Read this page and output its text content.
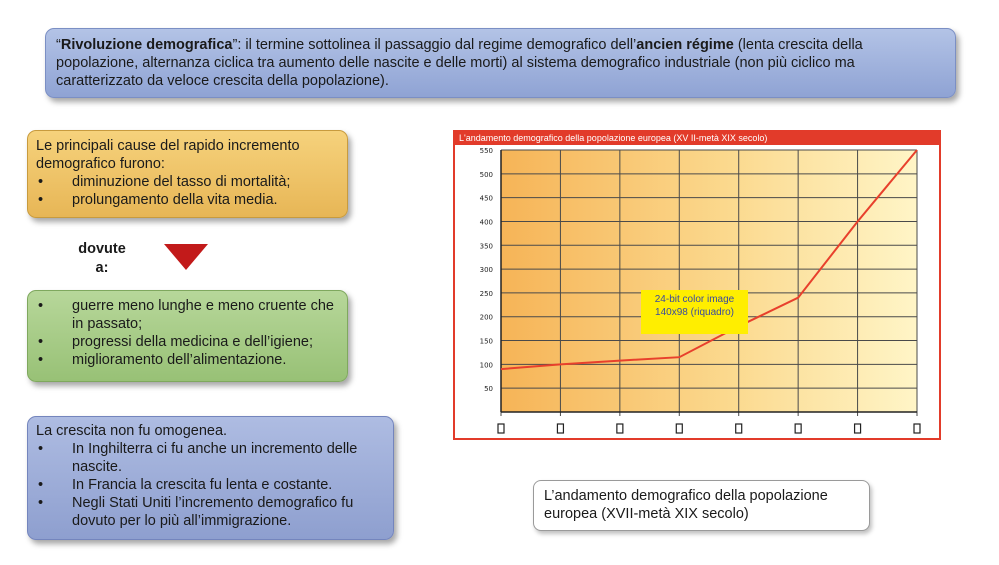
“Rivoluzione demografica”: il termine sottolinea il passaggio dal regime demografico dell’ancien régime (lenta crescita della popolazione, alternanza ciclica tra aumento delle nascite e delle morti) al sistema demografico industriale (non più ciclico ma caratterizzato da veloce crescita della popolazione).
Le principali cause del rapido incremento demografico furono:
• diminuzione del tasso di mortalità;
• prolungamento della vita media.
dovute a:
• guerre meno lunghe e meno cruente che in passato;
• progressi della medicina e dell’igiene;
• miglioramento dell’alimentazione.
La crescita non fu omogenea.
• In Inghilterra ci fu anche un incremento delle nascite.
• In Francia la crescita fu lenta e costante.
• Negli Stati Uniti l’incremento demografico fu dovuto per lo più all’immigrazione.
L'andamento demografico della popolazione europea (XV II-metà XIX secolo)
550
500
450
400
350
300
250
200
150
100
50
24-bit color image 140x98 (riquadro)
L’andamento demografico della popolazione europea (XVII-metà XIX secolo)
